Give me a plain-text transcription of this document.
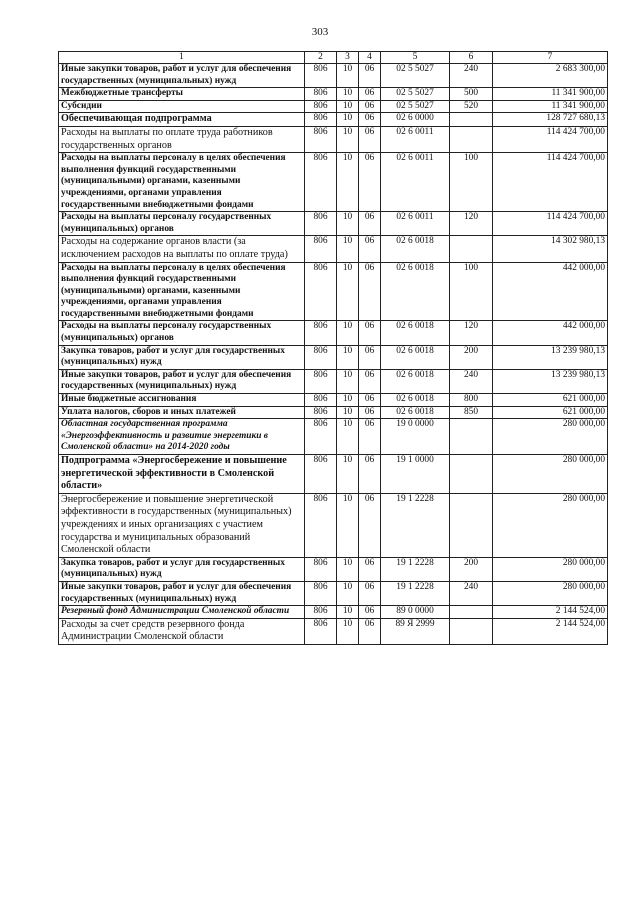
303
1	2	3	4	5	6	7
Иные закупки товаров, работ и услуг для обеспечения государственных (муниципальных) нужд	806	10	06	02 5 5027	240	2 683 300,00
Межбюджетные трансферты	806	10	06	02 5 5027	500	11 341 900,00
Субсидии	806	10	06	02 5 5027	520	11 341 900,00
Обеспечивающая подпрограмма	806	10	06	02 6 0000		128 727 680,13
Расходы на выплаты по оплате труда работников государственных органов	806	10	06	02 6 0011		114 424 700,00
Расходы на выплаты персоналу в целях обеспечения выполнения функций государственными (муниципальными) органами, казенными учреждениями, органами управления государственными внебюджетными фондами	806	10	06	02 6 0011	100	114 424 700,00
Расходы на выплаты персоналу государственных (муниципальных) органов	806	10	06	02 6 0011	120	114 424 700,00
Расходы на содержание органов власти (за исключением расходов на выплаты по оплате труда)	806	10	06	02 6 0018		14 302 980,13
Расходы на выплаты персоналу в целях обеспечения выполнения функций государственными (муниципальными) органами, казенными учреждениями, органами управления государственными внебюджетными фондами	806	10	06	02 6 0018	100	442 000,00
Расходы на выплаты персоналу государственных (муниципальных) органов	806	10	06	02 6 0018	120	442 000,00
Закупка товаров, работ и услуг для государственных (муниципальных) нужд	806	10	06	02 6 0018	200	13 239 980,13
Иные закупки товаров, работ и услуг для обеспечения государственных (муниципальных) нужд	806	10	06	02 6 0018	240	13 239 980,13
Иные бюджетные ассигнования	806	10	06	02 6 0018	800	621 000,00
Уплата налогов, сборов и иных платежей	806	10	06	02 6 0018	850	621 000,00
Областная государственная программа «Энергоэффективность и развитие энергетики в Смоленской области» на 2014-2020 годы	806	10	06	19 0 0000		280 000,00
Подпрограмма «Энергосбережение и повышение энергетической эффективности в Смоленской области»	806	10	06	19 1 0000		280 000,00
Энергосбережение и повышение энергетической эффективности в государственных (муниципальных) учреждениях и иных организациях с участием государства и муниципальных образований Смоленской области	806	10	06	19 1 2228		280 000,00
Закупка товаров, работ и услуг для государственных (муниципальных) нужд	806	10	06	19 1 2228	200	280 000,00
Иные закупки товаров, работ и услуг для обеспечения государственных (муниципальных) нужд	806	10	06	19 1 2228	240	280 000,00
Резервный фонд Администрации Смоленской области	806	10	06	89 0 0000		2 144 524,00
Расходы за счет средств резервного фонда Администрации Смоленской области	806	10	06	89 Я 2999		2 144 524,00
